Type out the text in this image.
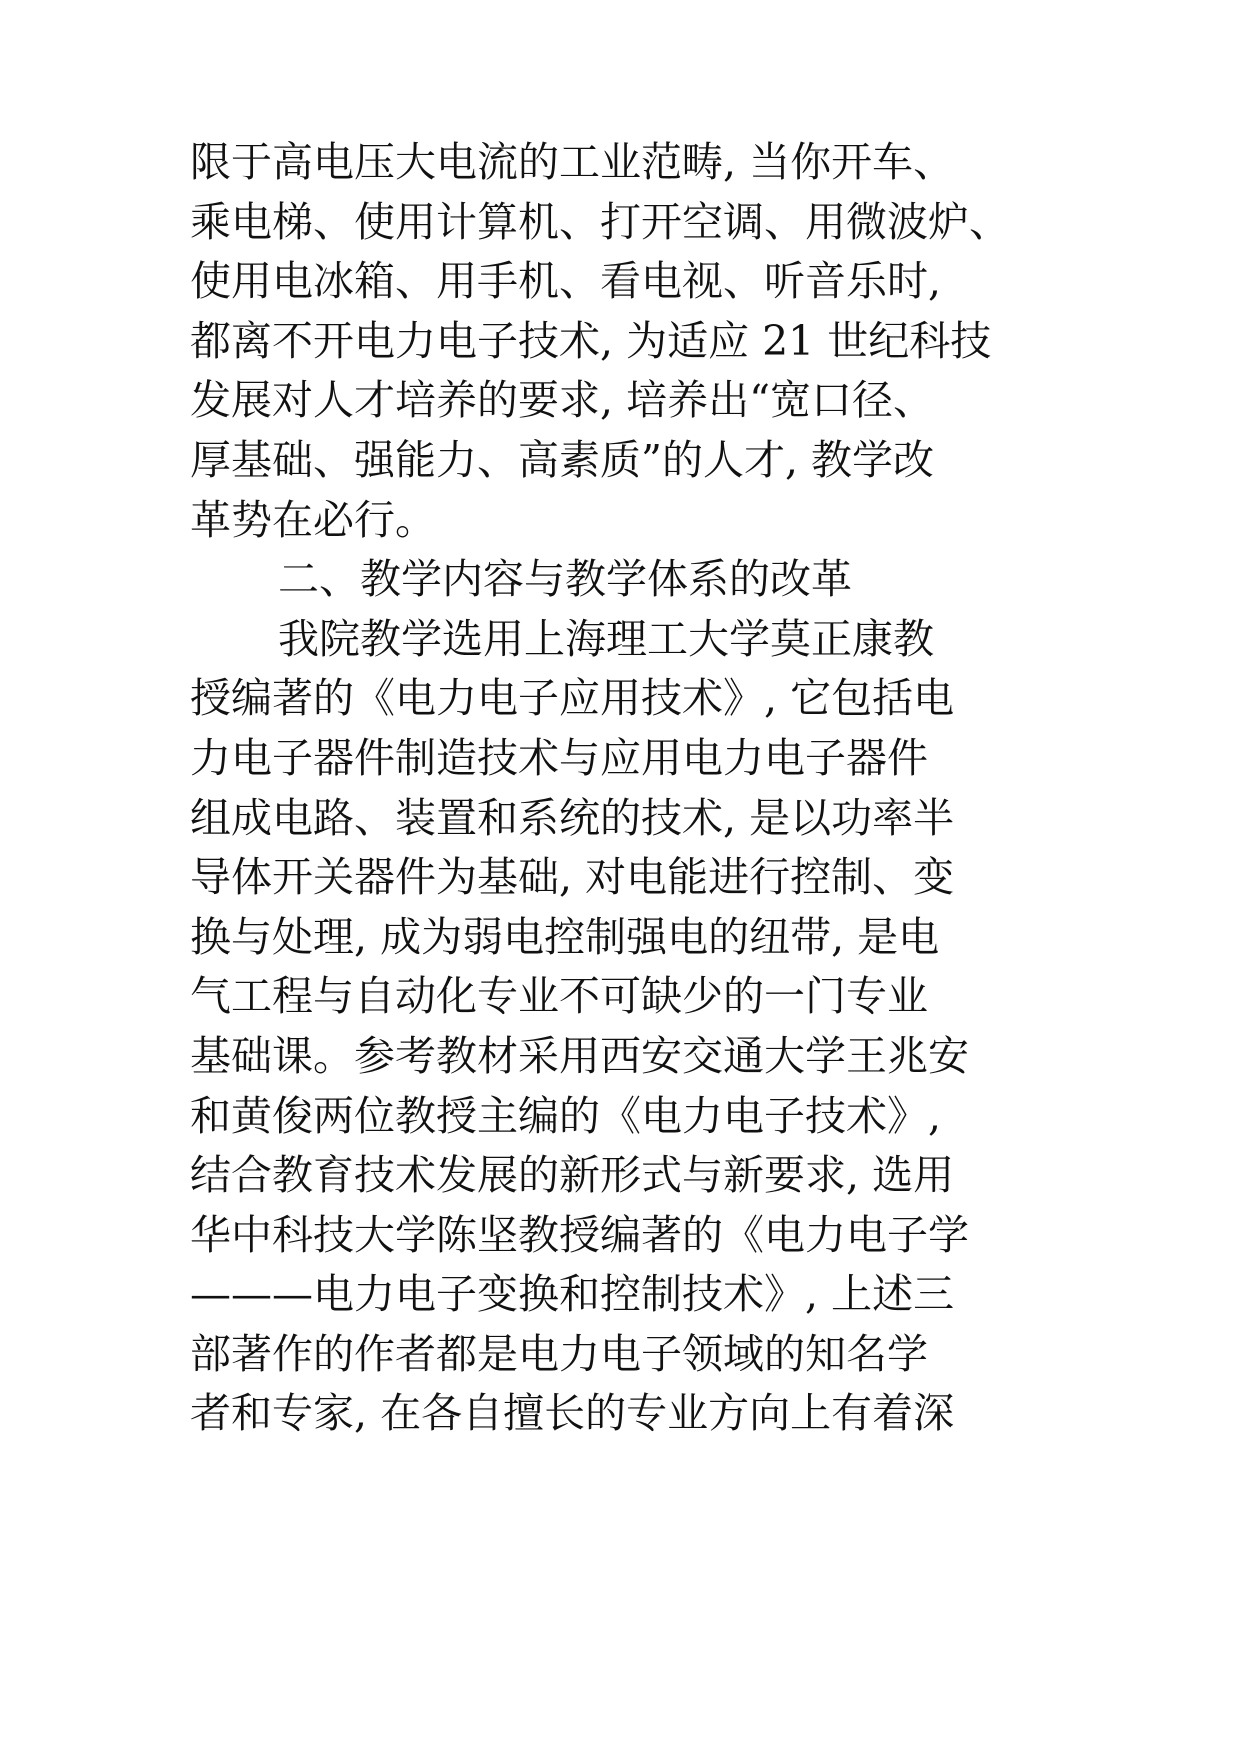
限于高电压大电流的工业范畴, 当你开车、
乘电梯、使用计算机、打开空调、用微波炉、
使用电冰箱、用手机、看电视、听音乐时,
都离不开电力电子技术, 为适应 21 世纪科技
发展对人才培养的要求, 培养出“宽口径、
厚基础、强能力、高素质”的人才, 教学改
革势在必行。
二、教学内容与教学体系的改革
我院教学选用上海理工大学莫正康教
授编著的《电力电子应用技术》, 它包括电
力电子器件制造技术与应用电力电子器件
组成电路、装置和系统的技术, 是以功率半
导体开关器件为基础, 对电能进行控制、变
换与处理, 成为弱电控制强电的纽带, 是电
气工程与自动化专业不可缺少的一门专业
基础课。参考教材采用西安交通大学王兆安
和黄俊两位教授主编的《电力电子技术》,
结合教育技术发展的新形式与新要求, 选用
华中科技大学陈坚教授编著的《电力电子学
———电力电子变换和控制技术》, 上述三
部著作的作者都是电力电子领域的知名学
者和专家, 在各自擅长的专业方向上有着深
